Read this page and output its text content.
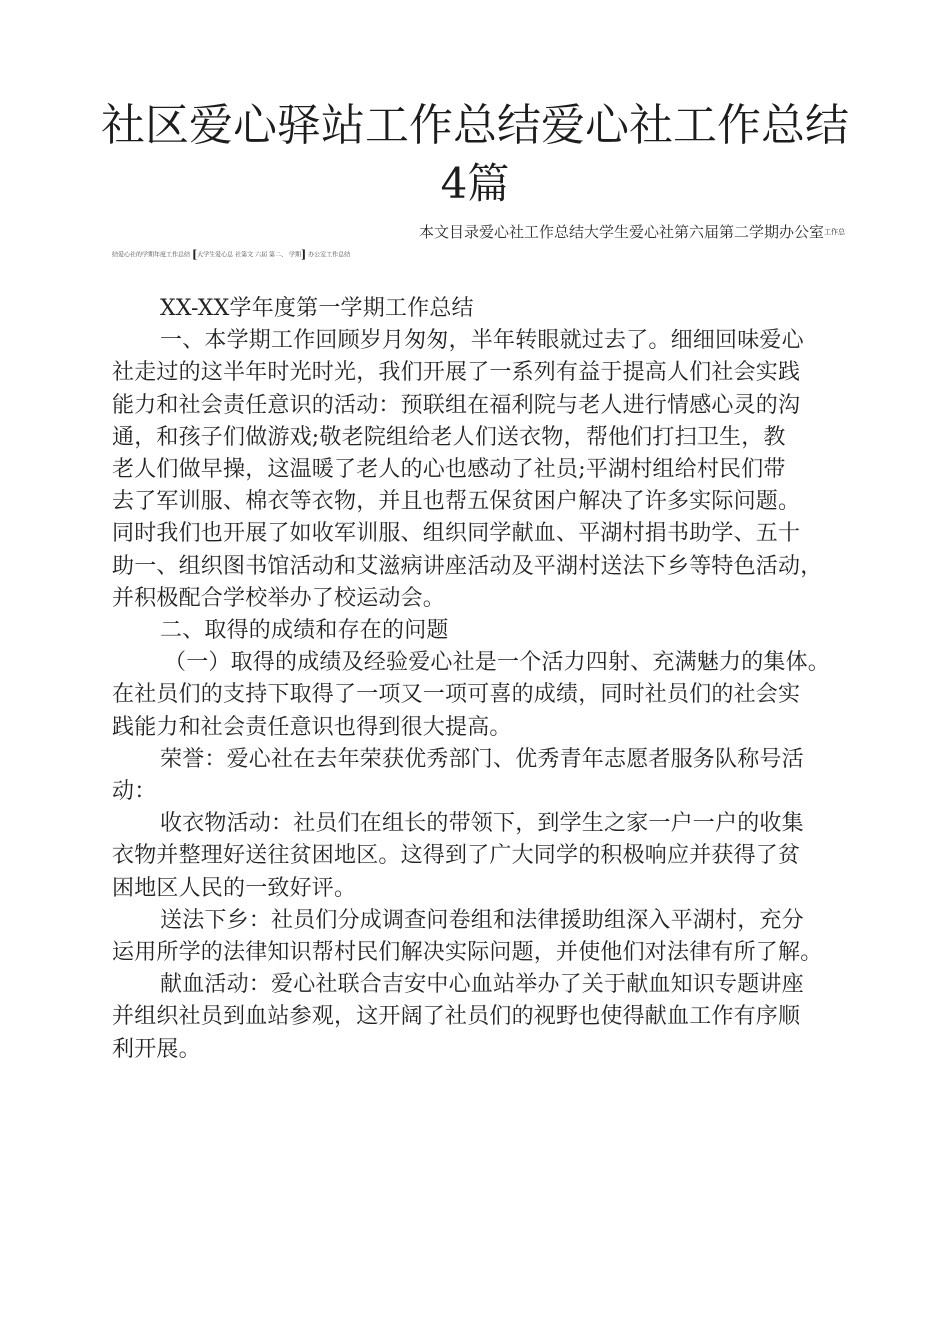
社区爱心驿站工作总结爱心社工作总结
4篇
本文目录爱心社工作总结大学生爱心社第六届第二学期办公室$^{工作总}$
结爱心社的学期年度工作总结 [大学生爱心总 社第文 六届 第二、 学期] 办公室工作总结

XX-XX学年度第一学期工作总结

一、本学期工作回顾岁月匆匆，半年转眼就过去了。细细回味爱心

社走过的这半年时光时光，我们开展了一系列有益于提高人们社会实践

能力和社会责任意识的活动：预联组在福利院与老人进行情感心灵的沟

通，和孩子们做游戏;敬老院组给老人们送衣物，帮他们打扫卫生，教

老人们做早操，这温暖了老人的心也感动了社员;平湖村组给村民们带

去了军训服、棉衣等衣物，并且也帮五保贫困户解决了许多实际问题。

同时我们也开展了如收军训服、组织同学献血、平湖村捐书助学、五十

助一、组织图书馆活动和艾滋病讲座活动及平湖村送法下乡等特色活动，

并积极配合学校举办了校运动会。

二、取得的成绩和存在的问题

（一）取得的成绩及经验爱心社是一个活力四射、充满魅力的集体。

在社员们的支持下取得了一项又一项可喜的成绩，同时社员们的社会实

践能力和社会责任意识也得到很大提高。

荣誉：爱心社在去年荣获优秀部门、优秀青年志愿者服务队称号活

动：

收衣物活动：社员们在组长的带领下，到学生之家一户一户的收集

衣物并整理好送往贫困地区。这得到了广大同学的积极响应并获得了贫

困地区人民的一致好评。

送法下乡：社员们分成调查问卷组和法律援助组深入平湖村，充分

运用所学的法律知识帮村民们解决实际问题，并使他们对法律有所了解。

献血活动：爱心社联合吉安中心血站举办了关于献血知识专题讲座

并组织社员到血站参观，这开阔了社员们的视野也使得献血工作有序顺

利开展。
